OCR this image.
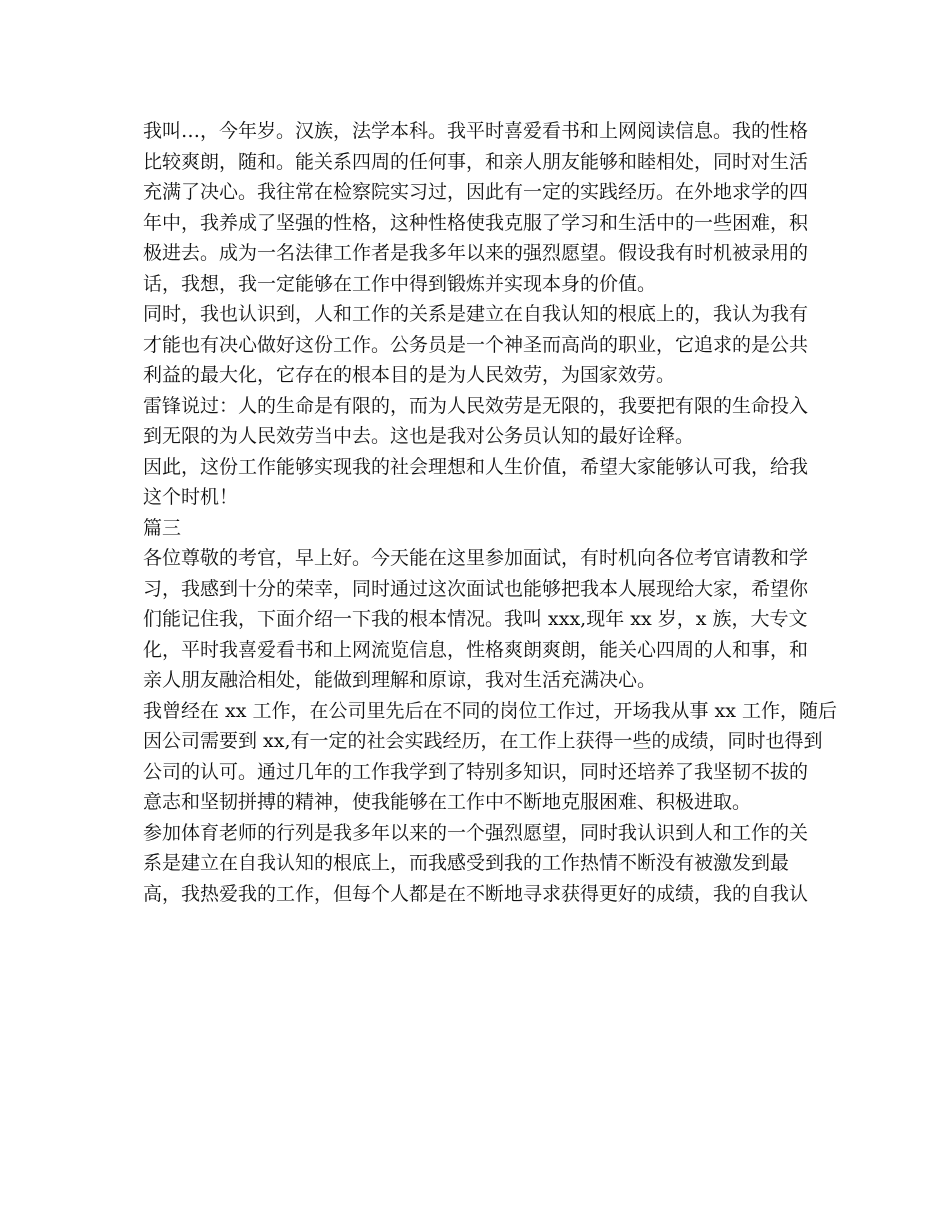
我叫…，今年岁。汉族，法学本科。我平时喜爱看书和上网阅读信息。我的性格
比较爽朗，随和。能关系四周的任何事，和亲人朋友能够和睦相处，同时对生活
充满了决心。我往常在检察院实习过，因此有一定的实践经历。在外地求学的四
年中，我养成了坚强的性格，这种性格使我克服了学习和生活中的一些困难，积
极进去。成为一名法律工作者是我多年以来的强烈愿望。假设我有时机被录用的
话，我想，我一定能够在工作中得到锻炼并实现本身的价值。
同时，我也认识到，人和工作的关系是建立在自我认知的根底上的，我认为我有
才能也有决心做好这份工作。公务员是一个神圣而高尚的职业，它追求的是公共
利益的最大化，它存在的根本目的是为人民效劳，为国家效劳。
雷锋说过：人的生命是有限的，而为人民效劳是无限的，我要把有限的生命投入
到无限的为人民效劳当中去。这也是我对公务员认知的最好诠释。
因此，这份工作能够实现我的社会理想和人生价值，希望大家能够认可我，给我
这个时机！
篇三
各位尊敬的考官，早上好。今天能在这里参加面试，有时机向各位考官请教和学
习，我感到十分的荣幸，同时通过这次面试也能够把我本人展现给大家，希望你
们能记住我，下面介绍一下我的根本情况。我叫 xxx,现年 xx 岁，x 族，大专文
化，平时我喜爱看书和上网流览信息，性格爽朗爽朗，能关心四周的人和事，和
亲人朋友融洽相处，能做到理解和原谅，我对生活充满决心。
我曾经在 xx 工作，在公司里先后在不同的岗位工作过，开场我从事 xx 工作，随后
因公司需要到 xx,有一定的社会实践经历，在工作上获得一些的成绩，同时也得到
公司的认可。通过几年的工作我学到了特别多知识，同时还培养了我坚韧不拔的
意志和坚韧拼搏的精神，使我能够在工作中不断地克服困难、积极进取。
参加体育老师的行列是我多年以来的一个强烈愿望，同时我认识到人和工作的关
系是建立在自我认知的根底上，而我感受到我的工作热情不断没有被激发到最
高，我热爱我的工作，但每个人都是在不断地寻求获得更好的成绩，我的自我认
